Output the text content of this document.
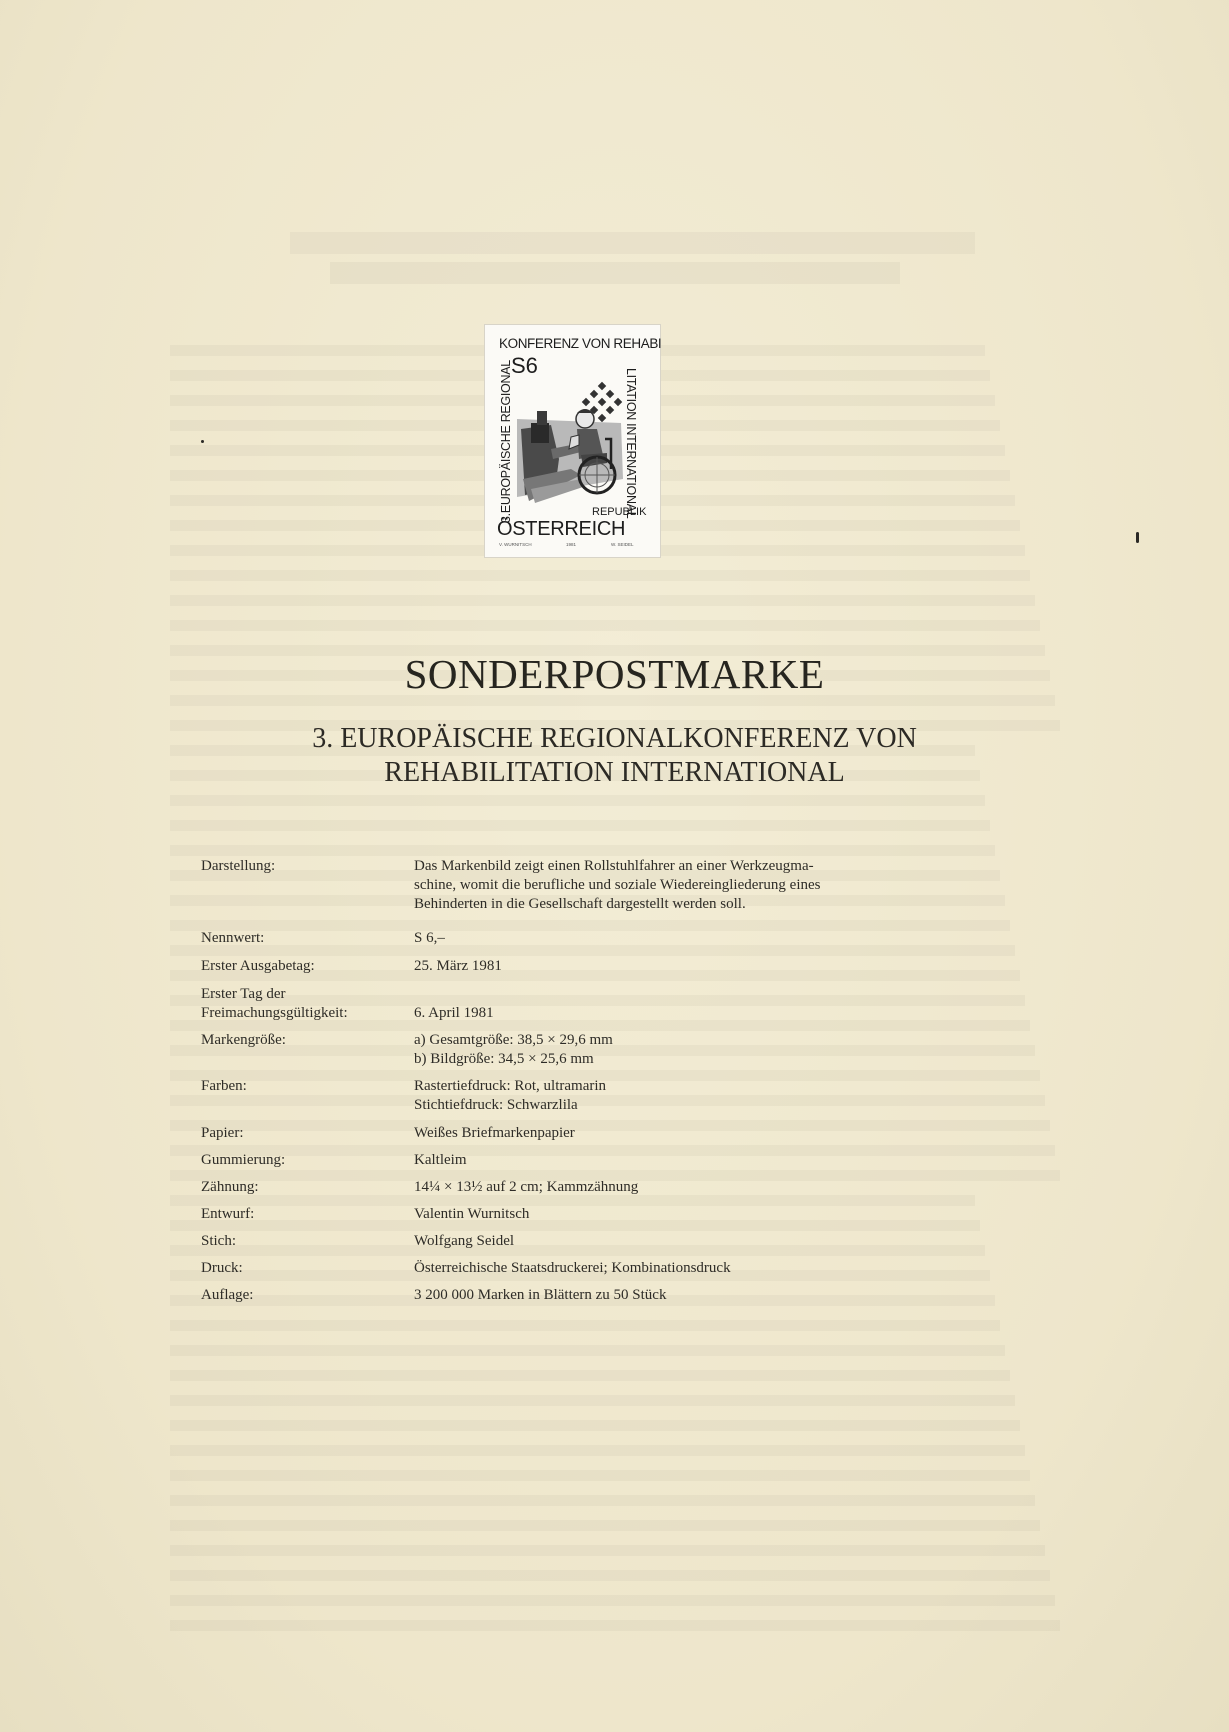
KONFERENZ VON REHABI
S6
3.EUROPÄISCHE REGIONAL	LITATION INTERNATIONAL
REPUBLIK
ÖSTERREICH
V. WURNITSCH	1981	W. SEIDEL
SONDERPOSTMARKE
3. EUROPÄISCHE REGIONALKONFERENZ VON
REHABILITATION INTERNATIONAL
Darstellung:	Das Markenbild zeigt einen Rollstuhlfahrer an einer Werkzeugma-
schine, womit die berufliche und soziale Wiedereingliederung eines
Behinderten in die Gesellschaft dargestellt werden soll.
Nennwert:	S 6,–
Erster Ausgabetag:	25. März 1981
Erster Tag der
Freimachungsgültigkeit:	
6. April 1981
Markengröße:	a) Gesamtgröße: 38,5 × 29,6 mm
b) Bildgröße: 34,5 × 25,6 mm
Farben:	Rastertiefdruck: Rot, ultramarin
Stichtiefdruck: Schwarzlila
Papier:	Weißes Briefmarkenpapier
Gummierung:	Kaltleim
Zähnung:	14¼ × 13½ auf 2 cm; Kammzähnung
Entwurf:	Valentin Wurnitsch
Stich:	Wolfgang Seidel
Druck:	Österreichische Staatsdruckerei; Kombinationsdruck
Auflage:	3 200 000 Marken in Blättern zu 50 Stück
